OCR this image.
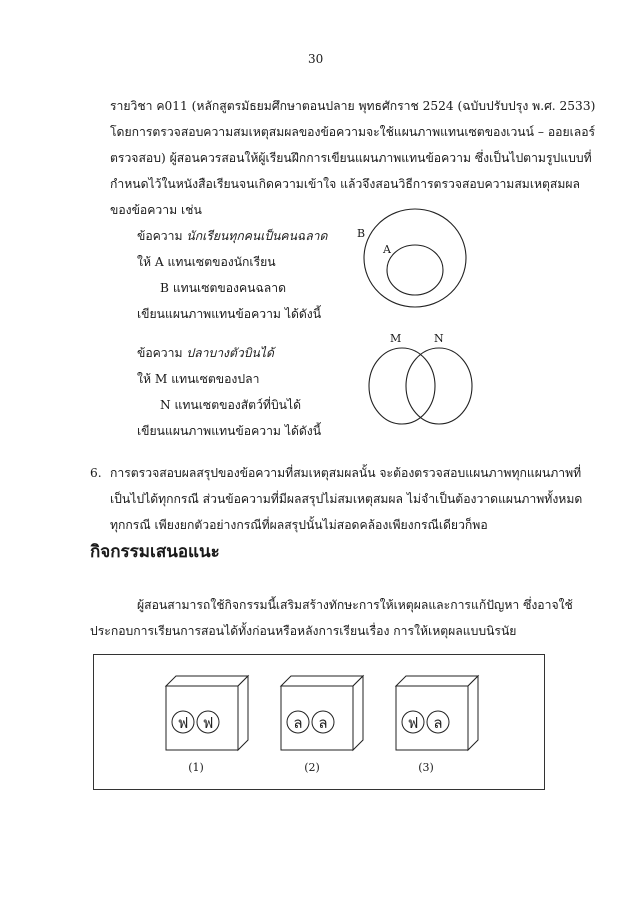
30
รายวิชา ค011 (หลักสูตรมัธยมศึกษาตอนปลาย พุทธศักราช 2524 (ฉบับปรับปรุง พ.ศ. 2533)
โดยการตรวจสอบความสมเหตุสมผลของข้อความจะใช้แผนภาพแทนเซตของเวนน์ – ออยเลอร์
ตรวจสอบ) ผู้สอนควรสอนให้ผู้เรียนฝึกการเขียนแผนภาพแทนข้อความ ซึ่งเป็นไปตามรูปแบบที่
กำหนดไว้ในหนังสือเรียนจนเกิดความเข้าใจ แล้วจึงสอนวิธีการตรวจสอบความสมเหตุสมผล
ของข้อความ เช่น
ข้อความ นักเรียนทุกคนเป็นคนฉลาด
ให้ A แทนเซตของนักเรียน
B แทนเซตของคนฉลาด
เขียนแผนภาพแทนข้อความ ได้ดังนี้
B
A
ข้อความ ปลาบางตัวบินได้
ให้ M แทนเซตของปลา
N แทนเซตของสัตว์ที่บินได้
เขียนแผนภาพแทนข้อความ ได้ดังนี้
M	N
6. การตรวจสอบผลสรุปของข้อความที่สมเหตุสมผลนั้น จะต้องตรวจสอบแผนภาพทุกแผนภาพที่
เป็นไปได้ทุกกรณี ส่วนข้อความที่มีผลสรุปไม่สมเหตุสมผล ไม่จำเป็นต้องวาดแผนภาพทั้งหมด
ทุกกรณี เพียงยกตัวอย่างกรณีที่ผลสรุปนั้นไม่สอดคล้องเพียงกรณีเดียวก็พอ
กิจกรรมเสนอแนะ
ผู้สอนสามารถใช้กิจกรรมนี้เสริมสร้างทักษะการให้เหตุผลและการแก้ปัญหา ซึ่งอาจใช้
ประกอบการเรียนการสอนได้ทั้งก่อนหรือหลังการเรียนเรื่อง การให้เหตุผลแบบนิรนัย
ฟ ฟ	ล ล	ฟ ล
(1)	(2)	(3)
